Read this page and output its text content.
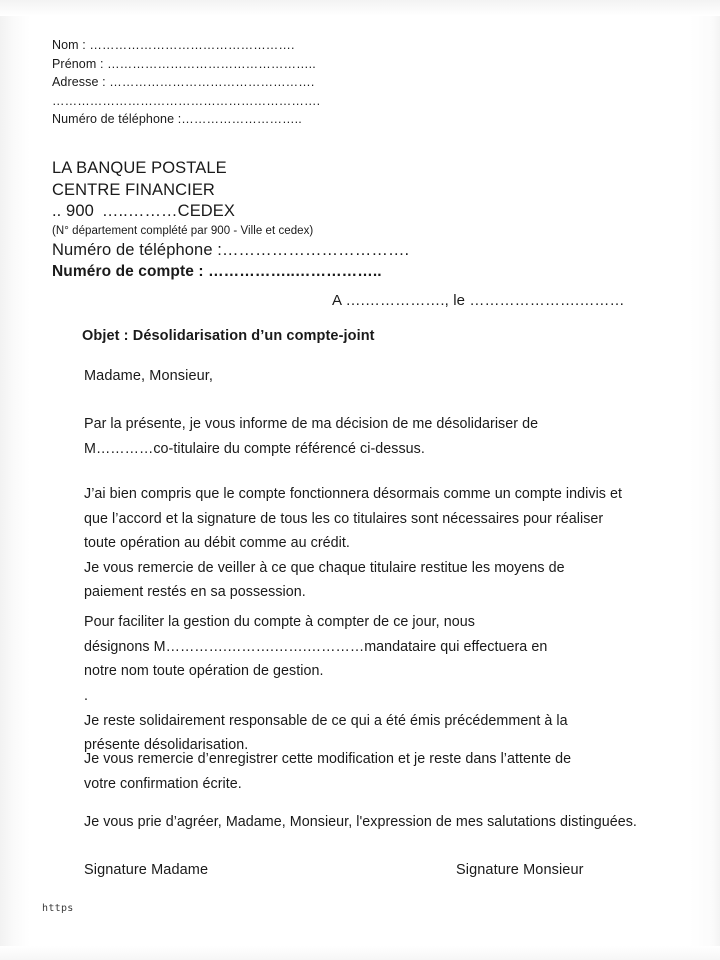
Nom : ………………………………………….
Prénom : …………………………………………..
Adresse : ………………………………………….
……………………………………………………….
Numéro de téléphone :………………………..
LA BANQUE POSTALE
CENTRE FINANCIER
.. 900 …..………CEDEX
(N° département complété par 900 - Ville et cedex)
Numéro de téléphone :…………………………….
Numéro de compte : ……………..……………..
A ….……………., le ………………….………
Objet : Désolidarisation d’un compte-joint
Madame, Monsieur,

Par la présente, je vous informe de ma décision de me désolidariser de

M…………co-titulaire du compte référencé ci-dessus.

J’ai bien compris que le compte fonctionnera désormais comme un compte indivis et

que l’accord et la signature de tous les co titulaires sont nécessaires pour réaliser

toute opération au débit comme au crédit.

Je vous remercie de veiller à ce que chaque titulaire restitue les moyens de

paiement restés en sa possession.

Pour faciliter la gestion du compte à compter de ce jour, nous

désignons M………….……….…….…………mandataire qui effectuera en

notre nom toute opération de gestion.

.

Je reste solidairement responsable de ce qui a été émis précédemment à la

présente désolidarisation.

Je vous remercie d’enregistrer cette modification et je reste dans l’attente de

votre confirmation écrite.

Je vous prie d’agréer, Madame, Monsieur, l'expression de mes salutations distinguées.
Signature Madame	Signature Monsieur
https
